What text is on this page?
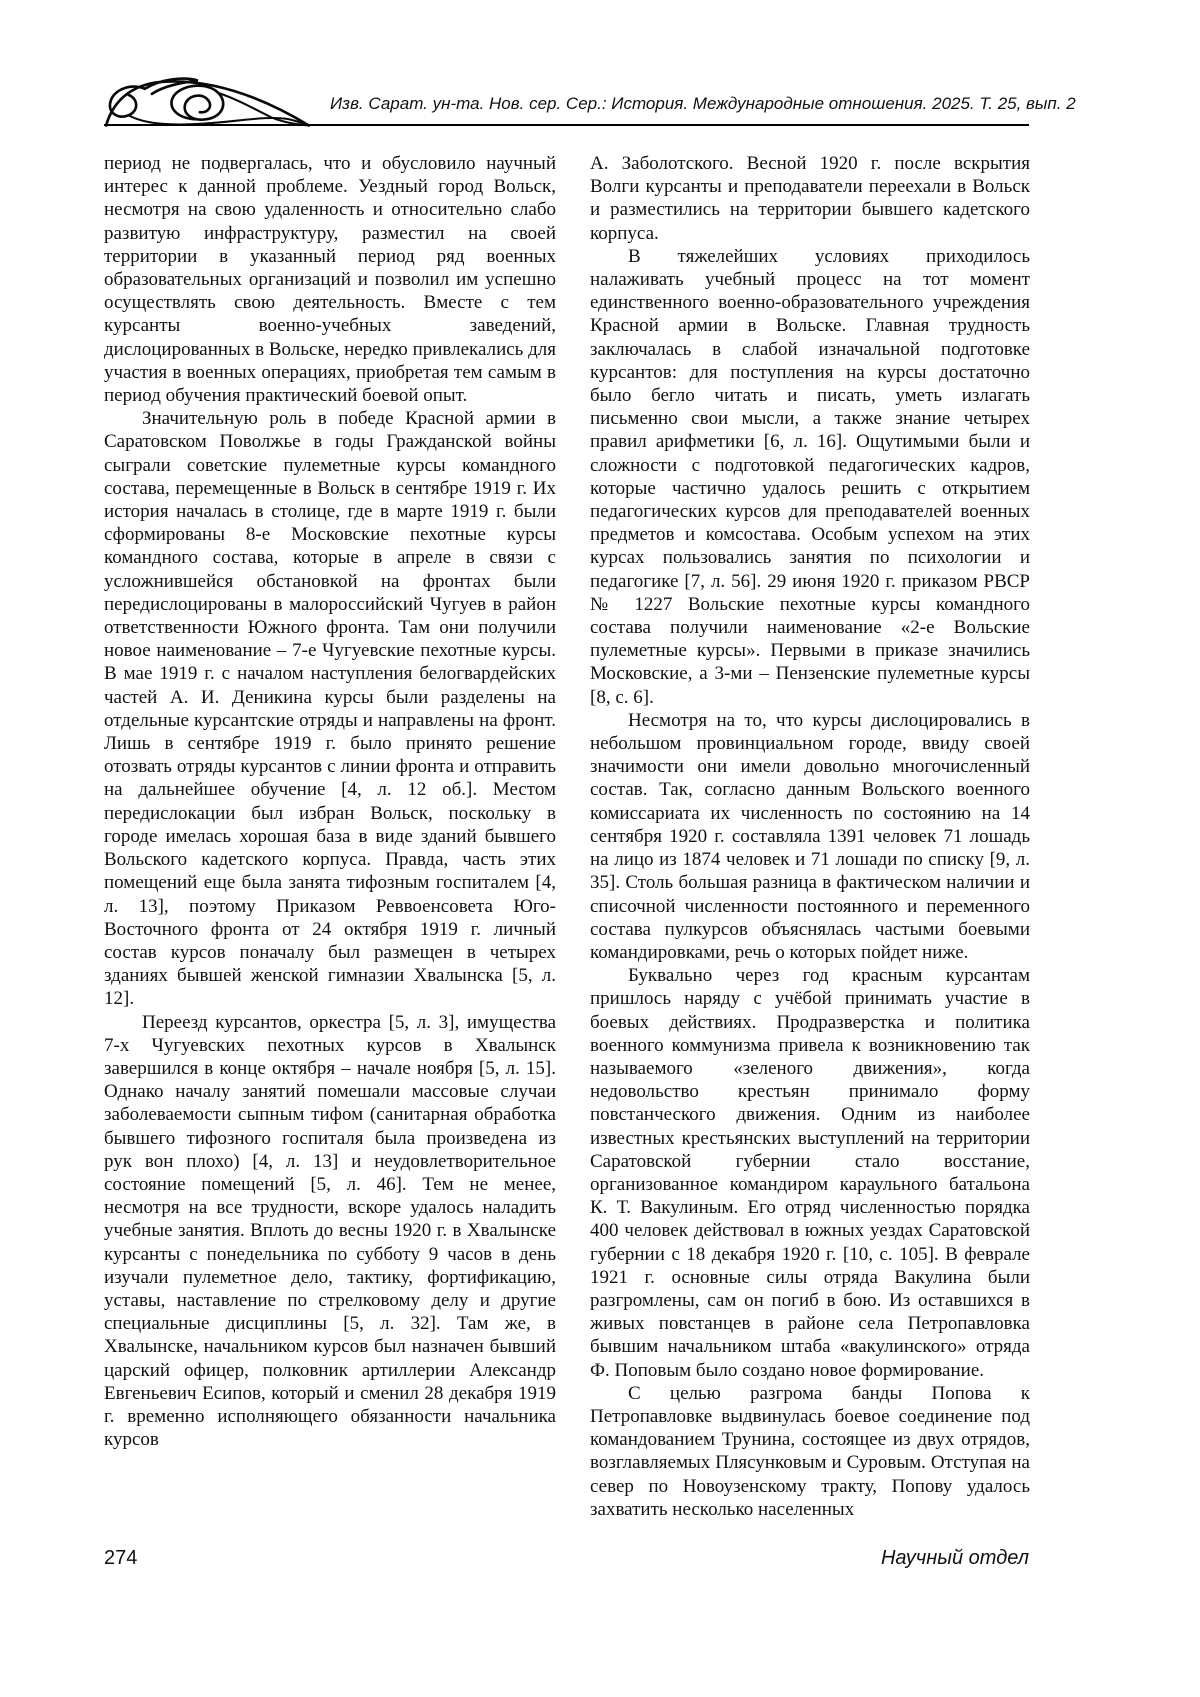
Изв. Сарат. ун-та. Нов. сер. Сер.: История. Международные отношения. 2025. Т. 25, вып. 2

период не подвергалась, что и обусловило научный интерес к данной проблеме. Уездный город Вольск, несмотря на свою удаленность и относительно слабо развитую инфраструктуру, разместил на своей территории в указанный период ряд военных образовательных организаций и позволил им успешно осуществлять свою деятельность. Вместе с тем курсанты военно-учебных заведений, дислоцированных в Вольске, нередко привлекались для участия в военных операциях, приобретая тем самым в период обучения практический боевой опыт.

Значительную роль в победе Красной армии в Саратовском Поволжье в годы Гражданской войны сыграли советские пулеметные курсы командного состава, перемещенные в Вольск в сентябре 1919 г. Их история началась в столице, где в марте 1919 г. были сформированы 8-е Московские пехотные курсы командного состава, которые в апреле в связи с усложнившейся обстановкой на фронтах были передислоцированы в малороссийский Чугуев в район ответственности Южного фронта. Там они получили новое наименование – 7-е Чугуевские пехотные курсы. В мае 1919 г. с началом наступления белогвардейских частей А. И. Деникина курсы были разделены на отдельные курсантские отряды и направлены на фронт. Лишь в сентябре 1919 г. было принято решение отозвать отряды курсантов с линии фронта и отправить на дальнейшее обучение [4, л. 12 об.]. Местом передислокации был избран Вольск, поскольку в городе имелась хорошая база в виде зданий бывшего Вольского кадетского корпуса. Правда, часть этих помещений еще была занята тифозным госпиталем [4, л. 13], поэтому Приказом Реввоенсовета Юго-Восточного фронта от 24 октября 1919 г. личный состав курсов поначалу был размещен в четырех зданиях бывшей женской гимназии Хвалынска [5, л. 12].

Переезд курсантов, оркестра [5, л. 3], имущества 7-х Чугуевских пехотных курсов в Хвалынск завершился в конце октября – начале ноября [5, л. 15]. Однако началу занятий помешали массовые случаи заболеваемости сыпным тифом (санитарная обработка бывшего тифозного госпиталя была произведена из рук вон плохо) [4, л. 13] и неудовлетворительное состояние помещений [5, л. 46]. Тем не менее, несмотря на все трудности, вскоре удалось наладить учебные занятия. Вплоть до весны 1920 г. в Хвалынске курсанты с понедельника по субботу 9 часов в день изучали пулеметное дело, тактику, фортификацию, уставы, наставление по стрелковому делу и другие специальные дисциплины [5, л. 32]. Там же, в Хвалынске, начальником курсов был назначен бывший царский офицер, полковник артиллерии Александр Евгеньевич Есипов, который и сменил 28 декабря 1919 г. временно исполняющего обязанности начальника курсов

А. Заболотского. Весной 1920 г. после вскрытия Волги курсанты и преподаватели переехали в Вольск и разместились на территории бывшего кадетского корпуса.

В тяжелейших условиях приходилось налаживать учебный процесс на тот момент единственного военно-образовательного учреждения Красной армии в Вольске. Главная трудность заключалась в слабой изначальной подготовке курсантов: для поступления на курсы достаточно было бегло читать и писать, уметь излагать письменно свои мысли, а также знание четырех правил арифметики [6, л. 16]. Ощутимыми были и сложности с подготовкой педагогических кадров, которые частично удалось решить с открытием педагогических курсов для преподавателей военных предметов и комсостава. Особым успехом на этих курсах пользовались занятия по психологии и педагогике [7, л. 56]. 29 июня 1920 г. приказом РВСР № 1227 Вольские пехотные курсы командного состава получили наименование «2-е Вольские пулеметные курсы». Первыми в приказе значились Московские, а 3-ми – Пензенские пулеметные курсы [8, с. 6].

Несмотря на то, что курсы дислоцировались в небольшом провинциальном городе, ввиду своей значимости они имели довольно многочисленный состав. Так, согласно данным Вольского военного комиссариата их численность по состоянию на 14 сентября 1920 г. составляла 1391 человек 71 лошадь на лицо из 1874 человек и 71 лошади по списку [9, л. 35]. Столь большая разница в фактическом наличии и списочной численности постоянного и переменного состава пулкурсов объяснялась частыми боевыми командировками, речь о которых пойдет ниже.

Буквально через год красным курсантам пришлось наряду с учёбой принимать участие в боевых действиях. Продразверстка и политика военного коммунизма привела к возникновению так называемого «зеленого движения», когда недовольство крестьян принимало форму повстанческого движения. Одним из наиболее известных крестьянских выступлений на территории Саратовской губернии стало восстание, организованное командиром караульного батальона К. Т. Вакулиным. Его отряд численностью порядка 400 человек действовал в южных уездах Саратовской губернии с 18 декабря 1920 г. [10, с. 105]. В феврале 1921 г. основные силы отряда Вакулина были разгромлены, сам он погиб в бою. Из оставшихся в живых повстанцев в районе села Петропавловка бывшим начальником штаба «вакулинского» отряда Ф. Поповым было создано новое формирование.

С целью разгрома банды Попова к Петропавловке выдвинулась боевое соединение под командованием Трунина, состоящее из двух отрядов, возглавляемых Плясунковым и Суровым. Отступая на север по Новоузенскому тракту, Попову удалось захватить несколько населенных

274	Научный отдел
